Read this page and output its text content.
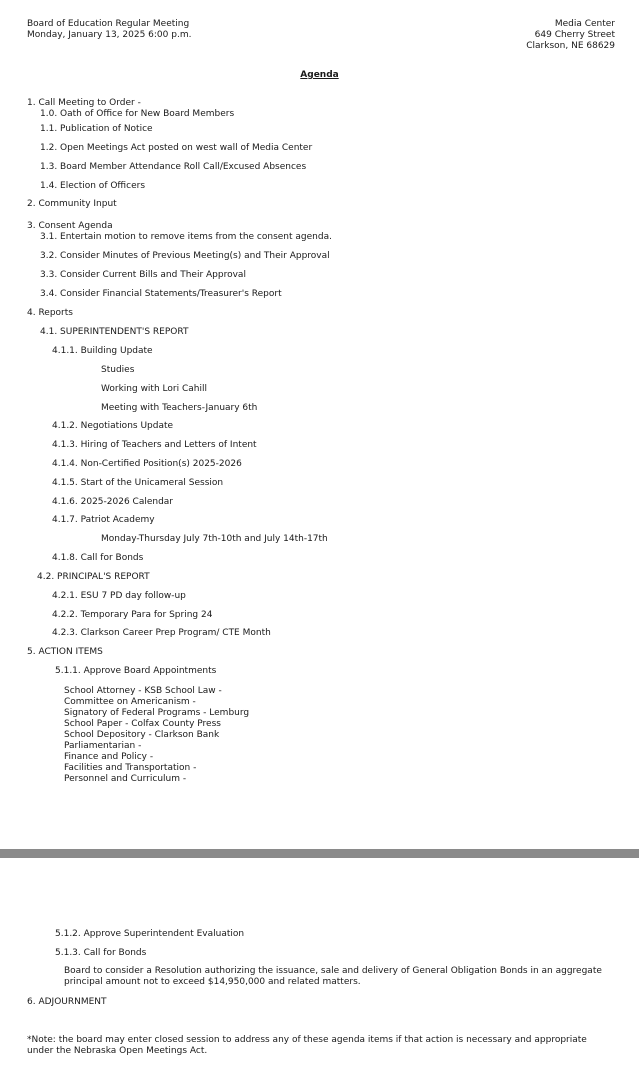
Board of Education Regular Meeting
Monday, January 13, 2025 6:00 p.m.
Media Center
649 Cherry Street
Clarkson, NE 68629
Agenda
1. Call Meeting to Order -
1.0. Oath of Office for New Board Members
1.1. Publication of Notice
1.2. Open Meetings Act posted on west wall of Media Center
1.3. Board Member Attendance Roll Call/Excused Absences
1.4. Election of Officers
2. Community Input
3. Consent Agenda
3.1. Entertain motion to remove items from the consent agenda.
3.2. Consider Minutes of Previous Meeting(s) and Their Approval
3.3. Consider Current Bills and Their Approval
3.4. Consider Financial Statements/Treasurer's Report
4. Reports
4.1. SUPERINTENDENT'S REPORT
4.1.1. Building Update
Studies
Working with Lori Cahill
Meeting with Teachers-January 6th
4.1.2. Negotiations Update
4.1.3. Hiring of Teachers and Letters of Intent
4.1.4. Non-Certified Position(s) 2025-2026
4.1.5. Start of the Unicameral Session
4.1.6. 2025-2026 Calendar
4.1.7. Patriot Academy
Monday-Thursday July 7th-10th and July 14th-17th
4.1.8. Call for Bonds
4.2. PRINCIPAL'S REPORT
4.2.1. ESU 7 PD day follow-up
4.2.2. Temporary Para for Spring 24
4.2.3. Clarkson Career Prep Program/ CTE Month
5. ACTION ITEMS
5.1.1. Approve Board Appointments
School Attorney - KSB School Law -
Committee on Americanism -
Signatory of Federal Programs - Lemburg
School Paper - Colfax County Press
School Depository - Clarkson Bank
Parliamentarian -
Finance and Policy -
Facilities and Transportation -
Personnel and Curriculum -
5.1.2. Approve Superintendent Evaluation
5.1.3. Call for Bonds
Board to consider a Resolution authorizing the issuance, sale and delivery of General Obligation Bonds in an aggregate principal amount not to exceed $14,950,000 and related matters.
6. ADJOURNMENT
*Note: the board may enter closed session to address any of these agenda items if that action is necessary and appropriate under the Nebraska Open Meetings Act.
